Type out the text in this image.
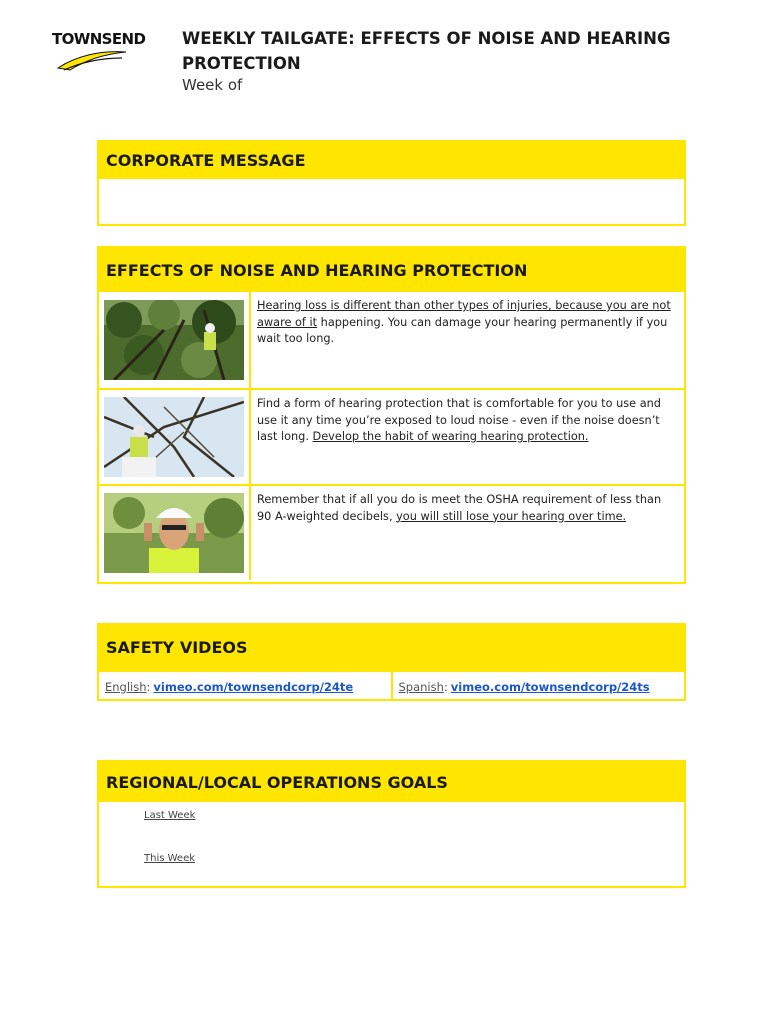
TOWNSEND WEEKLY TAILGATE: EFFECTS OF NOISE AND HEARING PROTECTION
Week of
CORPORATE MESSAGE
EFFECTS OF NOISE AND HEARING PROTECTION
Hearing loss is different than other types of injuries, because you are not aware of it happening. You can damage your hearing permanently if you wait too long.
Find a form of hearing protection that is comfortable for you to use and use it any time you’re exposed to loud noise - even if the noise doesn’t last long. Develop the habit of wearing hearing protection.
Remember that if all you do is meet the OSHA requirement of less than 90 A-weighted decibels, you will still lose your hearing over time.
SAFETY VIDEOS
English : vimeo.com/townsendcorp/24te	Spanish : vimeo.com/townsendcorp/24ts
REGIONAL/LOCAL OPERATIONS GOALS
Last Week
This Week
